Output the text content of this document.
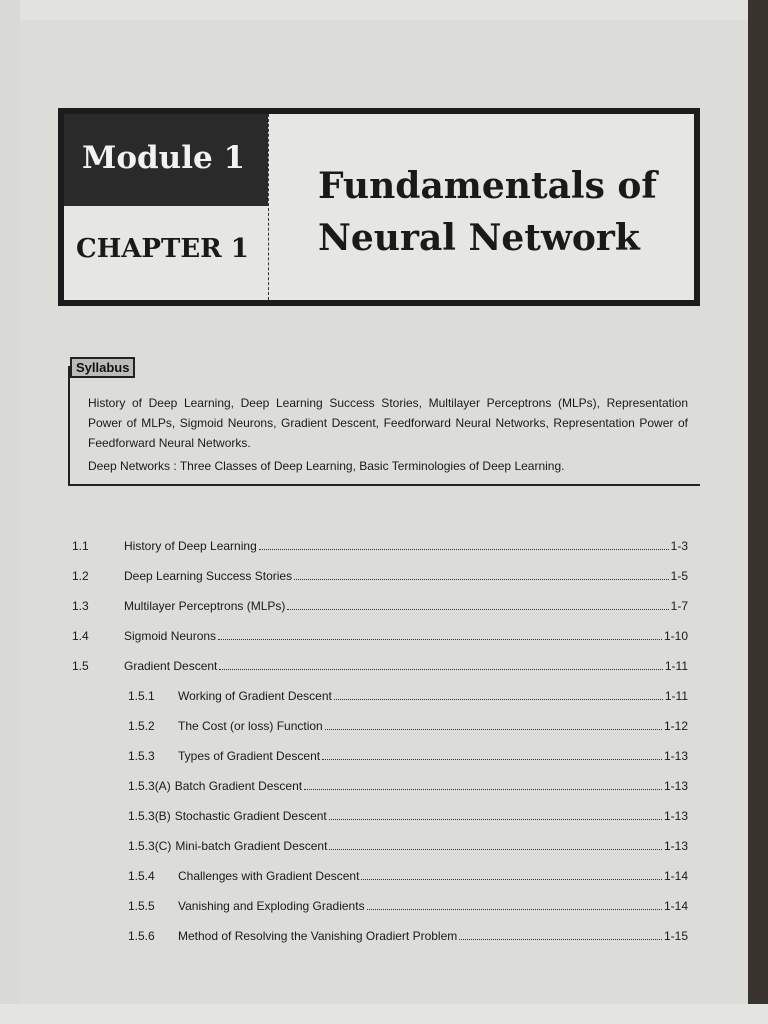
Module 1
CHAPTER 1
Fundamentals of
Neural Network
Syllabus

History of Deep Learning, Deep Learning Success Stories, Multilayer Perceptrons (MLPs), Representation Power of MLPs, Sigmoid Neurons, Gradient Descent, Feedforward Neural Networks, Representation Power of Feedforward Neural Networks.

Deep Networks : Three Classes of Deep Learning, Basic Terminologies of Deep Learning.

1.1	History of Deep Learning	1-3
1.2	Deep Learning Success Stories	1-5
1.3	Multilayer Perceptrons (MLPs)	1-7
1.4	Sigmoid Neurons	1-10
1.5	Gradient Descent	1-11
1.5.1	Working of Gradient Descent	1-11
1.5.2	The Cost (or loss) Function	1-12
1.5.3	Types of Gradient Descent	1-13
1.5.3(A) Batch Gradient Descent	1-13
1.5.3(B) Stochastic Gradient Descent	1-13
1.5.3(C) Mini-batch Gradient Descent	1-13
1.5.4	Challenges with Gradient Descent	1-14
1.5.5	Vanishing and Exploding Gradients	1-14
1.5.6	Method of Resolving the Vanishing Oradiert Problem	1-15
